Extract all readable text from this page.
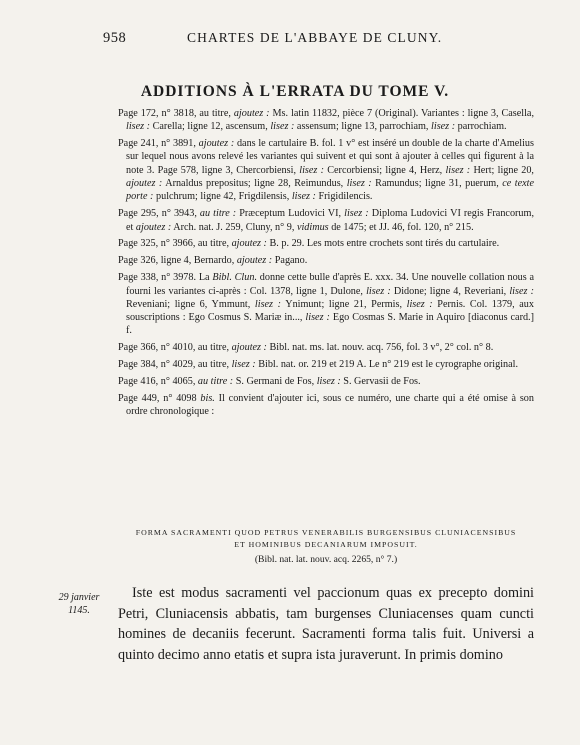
958	CHARTES DE L'ABBAYE DE CLUNY.
ADDITIONS À L'ERRATA DU TOME V.

Page 172, n° 3818, au titre, ajoutez : Ms. latin 11832, pièce 7 (Original). Variantes : ligne 3, Casella, lisez : Carella; ligne 12, ascensum, lisez : assensum; ligne 13, parrochiam, lisez : parrochiam.

Page 241, n° 3891, ajoutez : dans le cartulaire B. fol. 1 v° est inséré un double de la charte d'Amelius sur lequel nous avons relevé les variantes qui suivent et qui sont à ajouter à celles qui figurent à la note 3. Page 578, ligne 3, Chercorbiensi, lisez : Cercorbiensi; ligne 4, Herz, lisez : Hert; ligne 20, ajoutez : Arnaldus prepositus; ligne 28, Reimundus, lisez : Ramundus; ligne 31, puerum, ce texte porte : pulchrum; ligne 42, Frigdilensis, lisez : Frigidilencis.

Page 295, n° 3943, au titre : Præceptum Ludovici VI, lisez : Diploma Ludovici VI regis Francorum, et ajoutez : Arch. nat. J. 259, Cluny, n° 9, vidimus de 1475; et JJ. 46, fol. 120, n° 215.

Page 325, n° 3966, au titre, ajoutez : B. p. 29. Les mots entre crochets sont tirés du cartulaire.

Page 326, ligne 4, Bernardo, ajoutez : Pagano.

Page 338, n° 3978. La Bibl. Clun. donne cette bulle d'après E. xxx. 34. Une nouvelle collation nous a fourni les variantes ci-après : Col. 1378, ligne 1, Dulone, lisez : Didone; ligne 4, Reveriani, lisez : Reveniani; ligne 6, Ymmunt, lisez : Ynimunt; ligne 21, Permis, lisez : Pernis. Col. 1379, aux souscriptions : Ego Cosmus S. Mariæ in..., lisez : Ego Cosmas S. Marie in Aquiro [diaconus card.] f.

Page 366, n° 4010, au titre, ajoutez : Bibl. nat. ms. lat. nouv. acq. 756, fol. 3 v°, 2° col. n° 8.

Page 384, n° 4029, au titre, lisez : Bibl. nat. or. 219 et 219 A. Le n° 219 est le cyrographe original.

Page 416, n° 4065, au titre : S. Germani de Fos, lisez : S. Gervasii de Fos.

Page 449, n° 4098 bis. Il convient d'ajouter ici, sous ce numéro, une charte qui a été omise à son ordre chronologique :

FORMA SACRAMENTI QUOD PETRUS VENERABILIS BURGENSIBUS CLUNIACENSIBUS
ET HOMINIBUS DECANIARUM IMPOSUIT.
(Bibl. nat. lat. nouv. acq. 2265, n° 7.)
29 janvier
1145.

Iste est modus sacramenti vel paccionum quas ex precepto domini Petri, Cluniacensis abbatis, tam burgenses Cluniacenses quam cuncti homines de decaniis fecerunt. Sacramenti forma talis fuit. Universi a quinto decimo anno etatis et supra ista juraverunt. In primis domino
